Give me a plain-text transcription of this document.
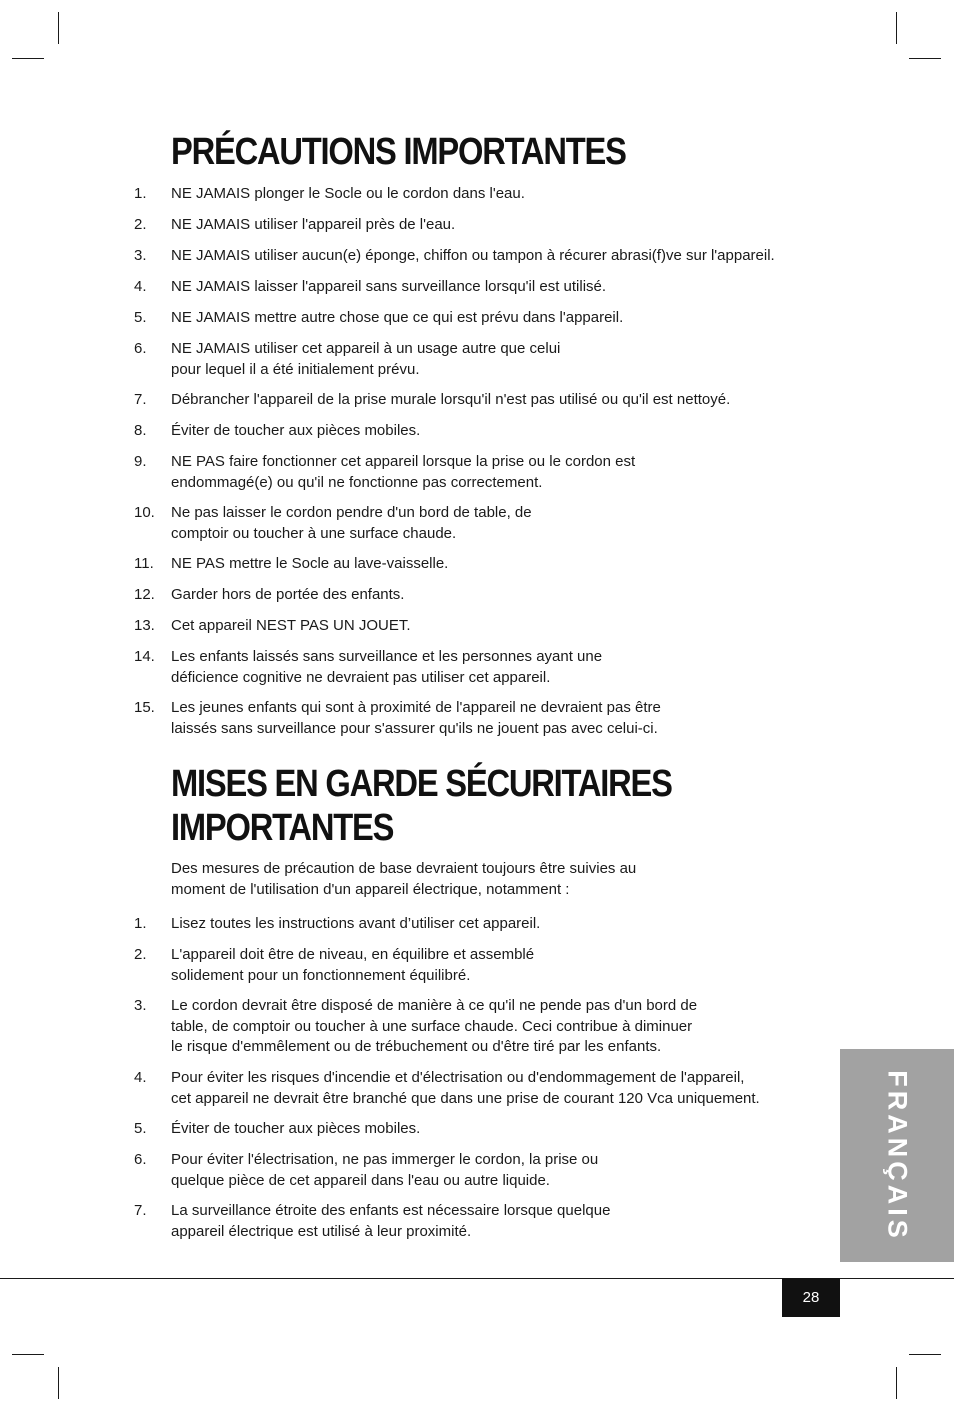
PRÉCAUTIONS IMPORTANTES
1.	NE JAMAIS plonger le Socle ou le cordon dans l'eau.
2.	NE JAMAIS utiliser l'appareil près de l'eau.
3.	NE JAMAIS utiliser aucun(e) éponge, chiffon ou tampon à récurer abrasi(f)ve sur l'appareil.
4.	NE JAMAIS laisser l'appareil sans surveillance lorsqu'il est utilisé.
5.	NE JAMAIS mettre autre chose que ce qui est prévu dans l'appareil.
6.	NE JAMAIS utiliser cet appareil à un usage autre que celui
pour lequel il a été initialement prévu.
7.	Débrancher l'appareil de la prise murale lorsqu'il n'est pas utilisé ou qu'il est nettoyé.
8.	Éviter de toucher aux pièces mobiles.
9.	NE PAS faire fonctionner cet appareil lorsque la prise ou le cordon est
endommagé(e) ou qu'il ne fonctionne pas correctement.
10.	Ne pas laisser le cordon pendre d'un bord de table, de
comptoir ou toucher à une surface chaude.
11.	NE PAS mettre le Socle au lave-vaisselle.
12.	Garder hors de portée des enfants.
13.	Cet appareil NEST PAS UN JOUET.
14.	Les enfants laissés sans surveillance et les personnes ayant une
déficience cognitive ne devraient pas utiliser cet appareil.
15.	Les jeunes enfants qui sont à proximité de l'appareil ne devraient pas être
laissés sans surveillance pour s'assurer qu'ils ne jouent pas avec celui-ci.
MISES EN GARDE SÉCURITAIRES
IMPORTANTES
Des mesures de précaution de base devraient toujours être suivies au
moment de l'utilisation d'un appareil électrique, notamment :
1.	Lisez toutes les instructions avant d’utiliser cet appareil.
2.	L'appareil doit être de niveau, en équilibre et assemblé
solidement pour un fonctionnement équilibré.
3.	Le cordon devrait être disposé de manière à ce qu'il ne pende pas d'un bord de
table, de comptoir ou toucher à une surface chaude. Ceci contribue à diminuer
le risque d'emmêlement ou de trébuchement ou d'être tiré par les enfants.
4.	Pour éviter les risques d'incendie et d'électrisation ou d'endommagement de l'appareil,
cet appareil ne devrait être branché que dans une prise de courant 120 Vca uniquement.
5.	Éviter de toucher aux pièces mobiles.
6.	Pour éviter l'électrisation, ne pas immerger le cordon, la prise ou
quelque pièce de cet appareil dans l'eau ou autre liquide.
7.	La surveillance étroite des enfants est nécessaire lorsque quelque
appareil électrique est utilisé à leur proximité.	FRANÇAIS
28
